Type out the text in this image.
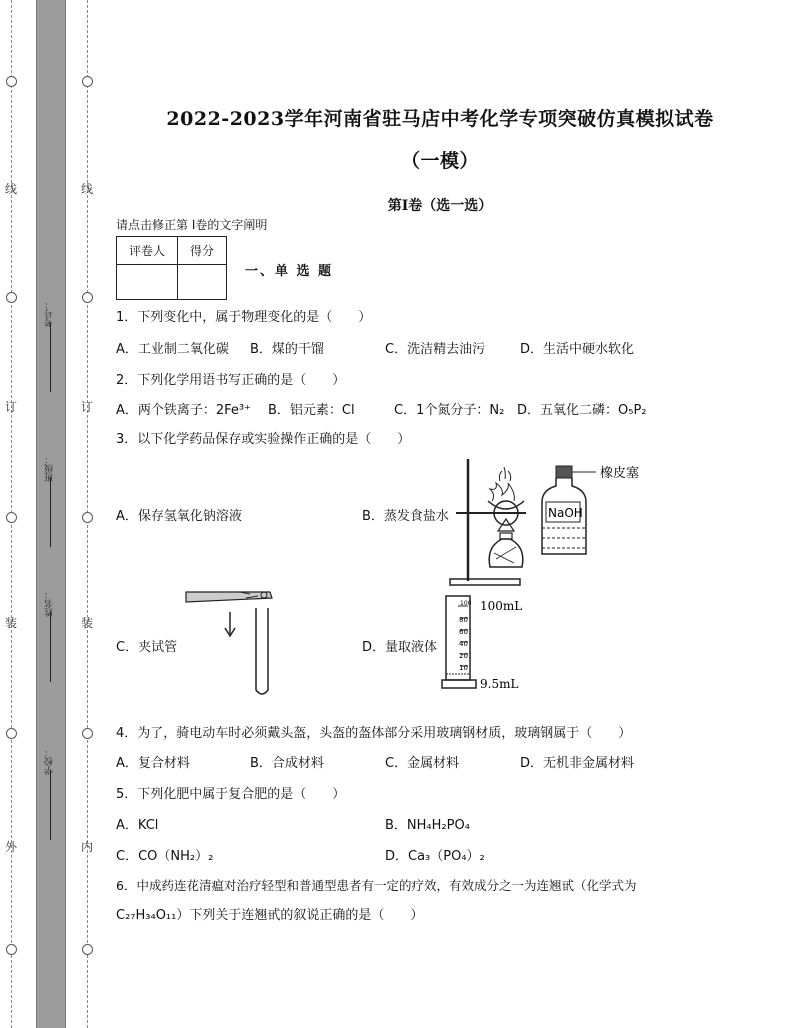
线
订
装
外
线
订
装
内
考号：
班级：
姓名：
学校：
2022-2023学年河南省驻马店中考化学专项突破仿真模拟试卷
（一模）
第I卷（选一选）
请点击修正第 I卷的文字阐明
评卷人	得分

一、单 选 题
1．下列变化中，属于物理变化的是（　　）
A．工业制二氧化碳 B．煤的干馏	C．洗洁精去油污	D．生活中硬水软化
2．下列化学用语书写正确的是（　　）
A．两个铁离子：2Fe³⁺ B．铝元素：Cl	C．1个氮分子：N₂ D．五氧化二磷：O₅P₂
3．以下化学药品保存或实验操作正确的是（　　）
A．保存氢氧化钠溶液	B．蒸发食盐水
C．夹试管	D．量取液体
橡皮塞
NaOH
100
80
60
40
20
10
100mL
9.5mL
4．为了，骑电动车时必须戴头盔，头盔的盔体部分采用玻璃钢材质，玻璃钢属于（　　）
A．复合材料	B．合成材料	C．金属材料	D．无机非金属材料
5．下列化肥中属于复合肥的是（　　）
A．KCl	B．NH₄H₂PO₄
C．CO（NH₂）₂	D．Ca₃（PO₄）₂
6．中成药连花清瘟对治疗轻型和普通型患者有一定的疗效，有效成分之一为连翘甙（化学式为
C₂₇H₃₄O₁₁）下列关于连翘甙的叙说正确的是（　　）
